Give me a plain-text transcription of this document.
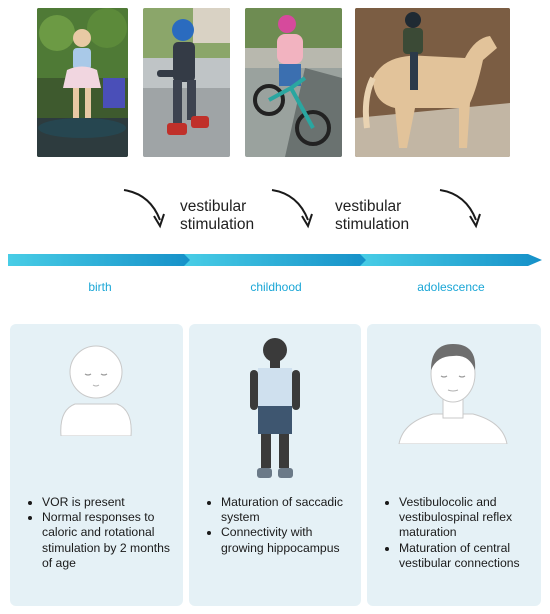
vestibular
stimulation
vestibular
stimulation
birth	childhood	adolescence
• VOR is present
• Normal responses to caloric and rotational stimulation by 2 months of age
• Maturation of saccadic system
• Connectivity with growing hippocampus
• Vestibulocolic and vestibulospinal reflex maturation
• Maturation of central vestibular connections
